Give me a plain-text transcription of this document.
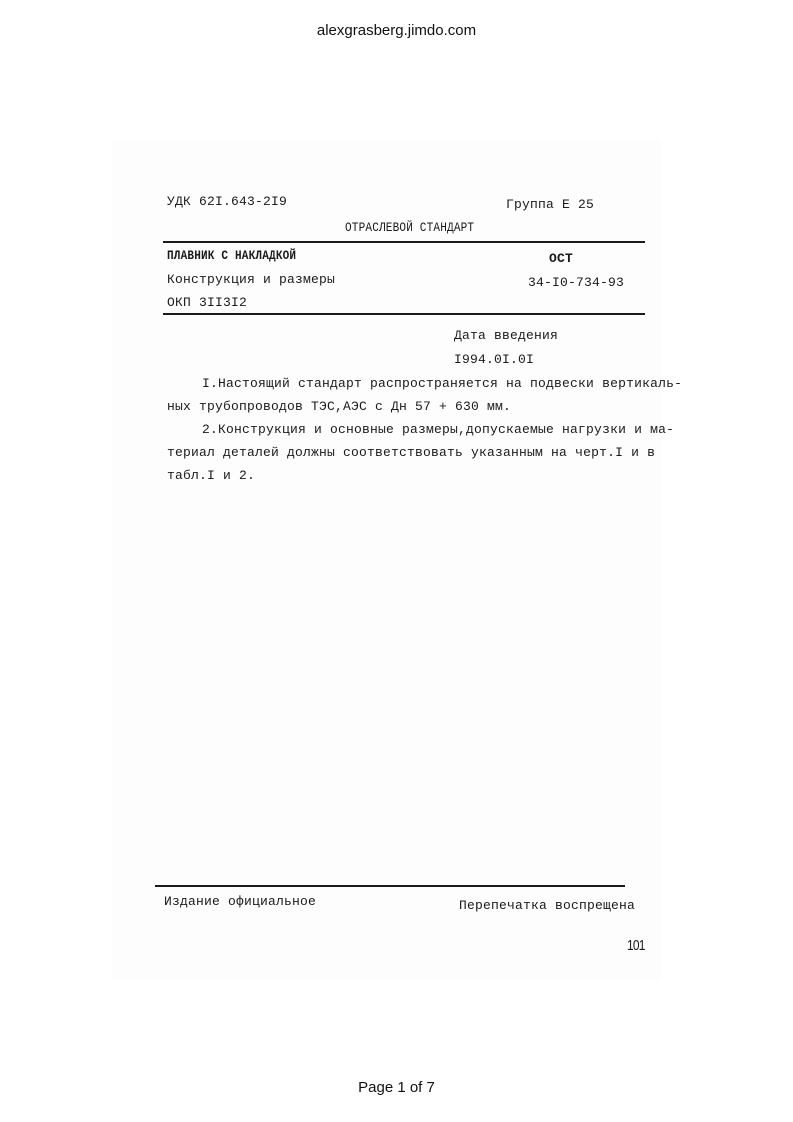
alexgrasberg.jimdo.com
УДК 62I.643-2I9	Группа Е 25
ОТРАСЛЕВОЙ СТАНДАРТ
ПЛАВНИК С НАКЛАДКОЙ	ОСТ
Конструкция и размеры	34-I0-734-93
ОКП 3II3I2
Дата введения
I994.0I.0I
I.Настоящий стандарт распространяется на подвески вертикаль-
ных трубопроводов ТЭС,АЭС с Дн 57 + 630 мм.
2.Конструкция и основные размеры,допускаемые нагрузки и ма-
териал деталей должны соответствовать указанным на черт.I и в
табл.I и 2.
Издание официальное	Перепечатка воспрещена
101
Page 1 of 7
